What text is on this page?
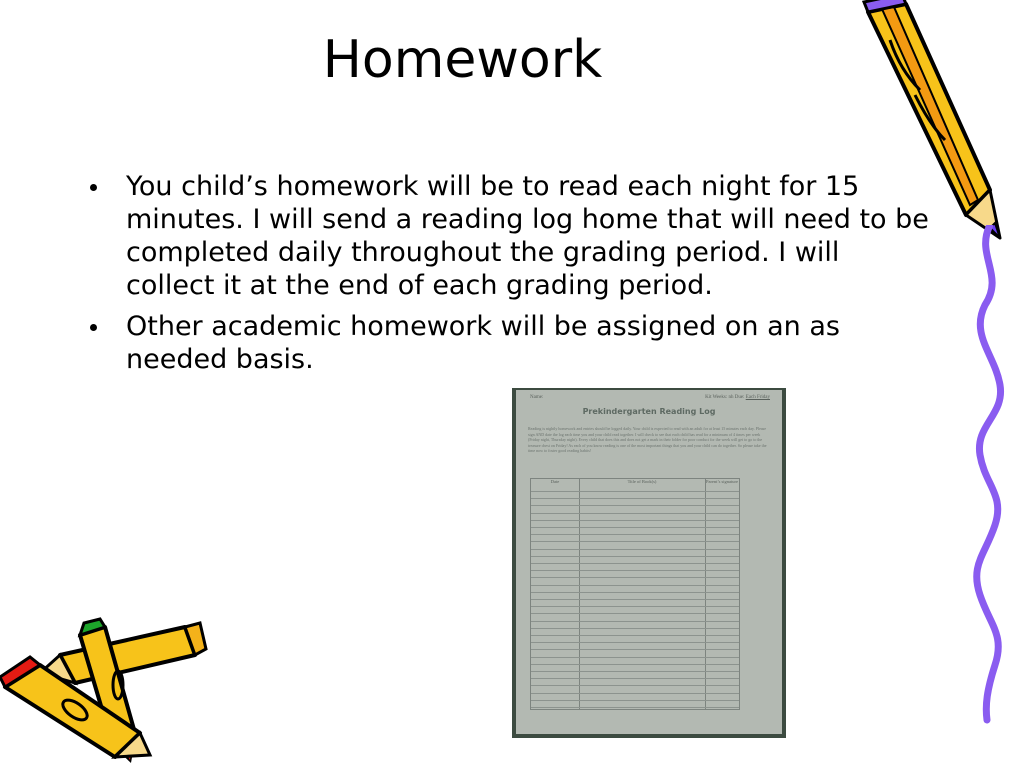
Homework
You child’s homework will be to read each night for 15 minutes. I will send a reading log home that will need to be completed daily throughout the grading period. I will collect it at the end of each grading period.
Other academic homework will be assigned on an as needed basis.
Name:	Kit Weeks: nh Due: Each Friday
Prekindergarten Reading Log
Reading is nightly homework and entries should be logged daily. Your child is expected to read with an adult for at least 15 minutes each day. Please sign AND date the log each time you and your child read together. I will check to see that each child has read for a minimum of 4 times per week (Friday night, Thursday night). Every child that does this and does not get a mark in their folder for poor conduct for the week will get to go to the treasure chest on Friday! As each of you know reading is one of the most important things that you and your child can do together. So please take the time now to foster good reading habits!
Date	Title of Book(s)	Parent’s signature
